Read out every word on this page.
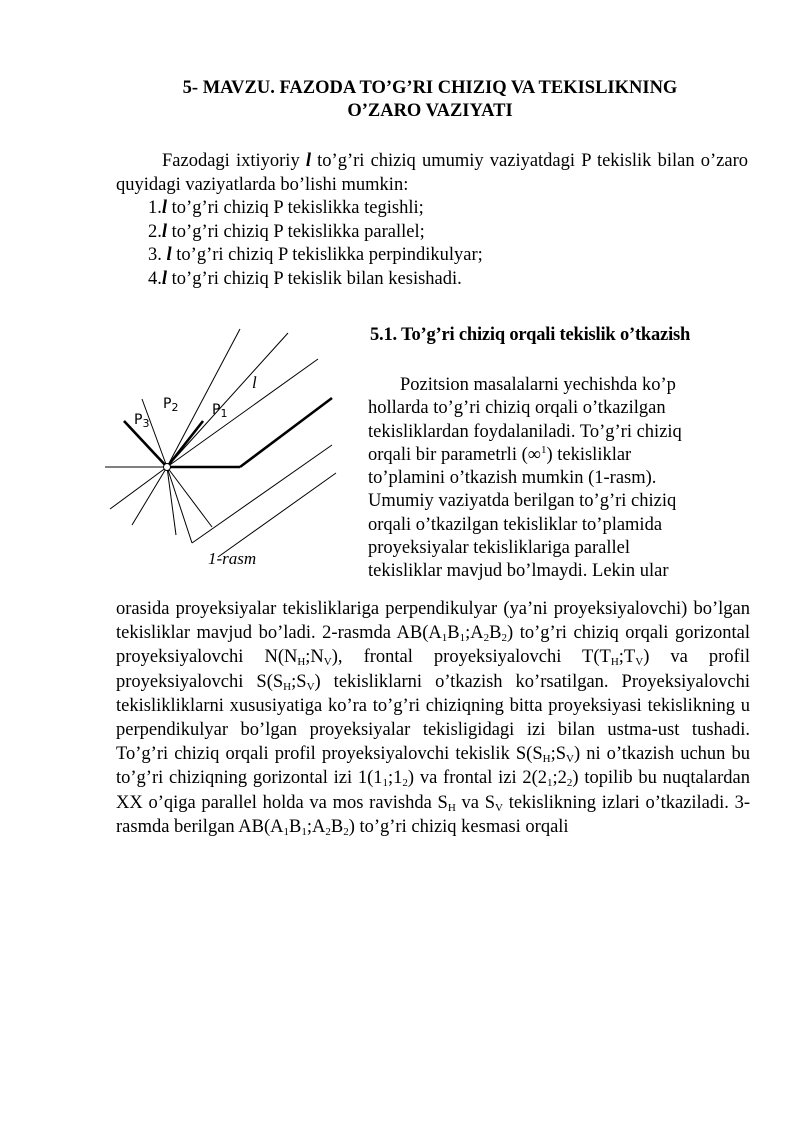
5- MAVZU. FAZODA TO’G’RI CHIZIQ VA TEKISLIKNING
O’ZARO VAZIYATI

Fazodagi ixtiyoriy l to’g’ri chiziq umumiy vaziyatdagi P tekislik bilan o’zaro quyidagi vaziyatlarda bo’lishi mumkin:

1.l to’g’ri chiziq P tekislikka tegishli;

2.l to’g’ri chiziq P tekislikka parallel;

3. l to’g’ri chiziq P tekislikka perpindikulyar;

4.l to’g’ri chiziq P tekislik bilan kesishadi.

5.1. To’g’ri chiziq orqali tekislik o’tkazish
$P_3$
$P_2$ $P_1$
l
1-rasm

Pozitsion masalalarni yechishda ko’p
hollarda to’g’ri chiziq orqali o’tkazilgan
tekisliklardan foydalaniladi. To’g’ri chiziq
orqali bir parametrli (∞$^1$) tekisliklar
to’plamini o’tkazish mumkin (1-rasm).
Umumiy vaziyatda berilgan to’g’ri chiziq
orqali o’tkazilgan tekisliklar to’plamida
proyeksiyalar tekisliklariga parallel
tekisliklar mavjud bo’lmaydi. Lekin ular

orasida proyeksiyalar tekisliklariga perpendikulyar (ya’ni proyeksiyalovchi) bo’lgan tekisliklar mavjud bo’ladi. 2-rasmda $AB(A_1B_1;A_2B_2)$ to’g’ri chiziq orqali gorizontal proyeksiyalovchi $N(N_H;N_V)$, frontal proyeksiyalovchi $T(T_H;T_V)$ va profil proyeksiyalovchi $S(S_H;S_V)$ tekisliklarni o’tkazish ko’rsatilgan. Proyeksiyalovchi tekislikliklarni xususiyatiga ko’ra to’g’ri chiziqning bitta proyeksiyasi tekislikning u perpendikulyar bo’lgan proyeksiyalar tekisligidagi izi bilan ustma-ust tushadi. To’g’ri chiziq orqali profil proyeksiyalovchi tekislik $S(S_H;S_V)$ ni o’tkazish uchun bu to’g’ri chiziqning gorizontal izi $1(1_1;1_2)$ va frontal izi $2(2_1;2_2)$ topilib bu nuqtalardan XX o’qiga parallel holda va mos ravishda $S_H$ va $S_V$ tekislikning izlari o’tkaziladi. 3-rasmda berilgan $AB(A_1B_1;A_2B_2)$ to’g’ri chiziq kesmasi orqali
